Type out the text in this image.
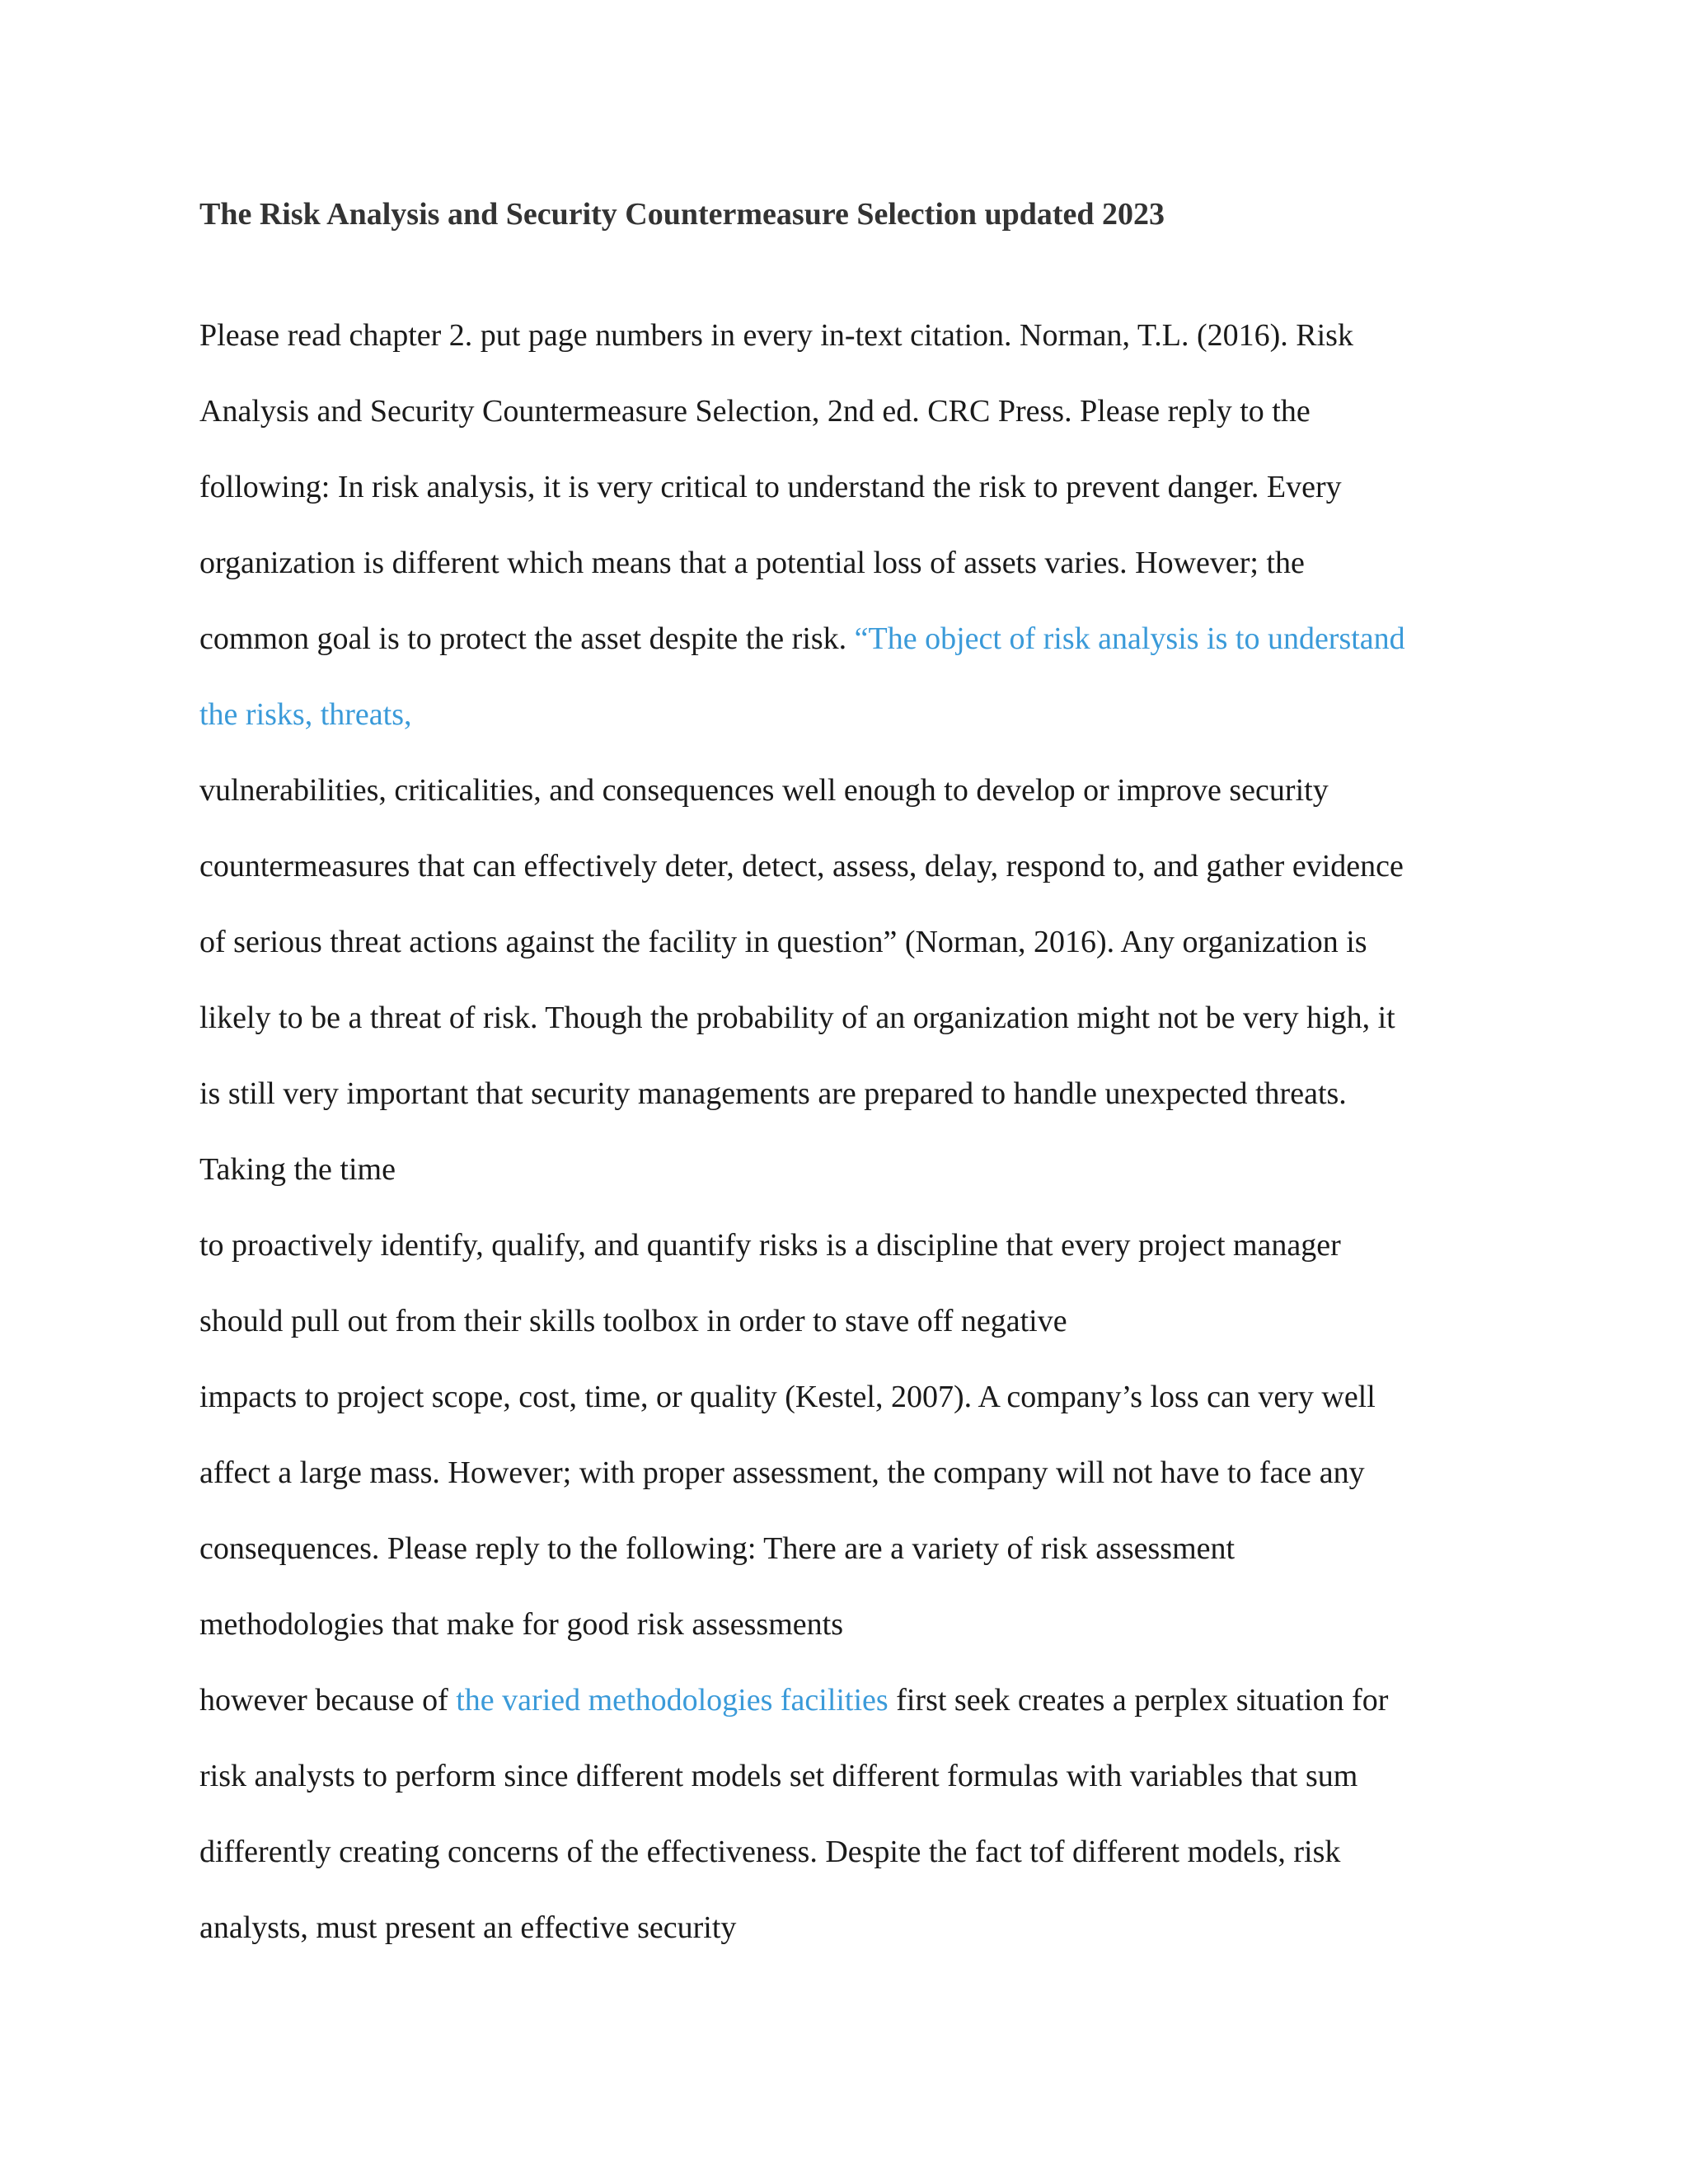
The Risk Analysis and Security Countermeasure Selection updated 2023
Please read chapter 2. put page numbers in every in-text citation. Norman, T.L. (2016). Risk
Analysis and Security Countermeasure Selection, 2nd ed. CRC Press. Please reply to the
following: In risk analysis, it is very critical to understand the risk to prevent danger. Every
organization is different which means that a potential loss of assets varies. However; the
common goal is to protect the asset despite the risk. “The object of risk analysis is to understand
the risks, threats,
vulnerabilities, criticalities, and consequences well enough to develop or improve security
countermeasures that can effectively deter, detect, assess, delay, respond to, and gather evidence
of serious threat actions against the facility in question” (Norman, 2016). Any organization is
likely to be a threat of risk. Though the probability of an organization might not be very high, it
is still very important that security managements are prepared to handle unexpected threats.
Taking the time
to proactively identify, qualify, and quantify risks is a discipline that every project manager
should pull out from their skills toolbox in order to stave off negative
impacts to project scope, cost, time, or quality (Kestel, 2007). A company’s loss can very well
affect a large mass. However; with proper assessment, the company will not have to face any
consequences. Please reply to the following: There are a variety of risk assessment
methodologies that make for good risk assessments
however because of the varied methodologies facilities first seek creates a perplex situation for
risk analysts to perform since different models set different formulas with variables that sum
differently creating concerns of the effectiveness. Despite the fact tof different models, risk
analysts, must present an effective security
